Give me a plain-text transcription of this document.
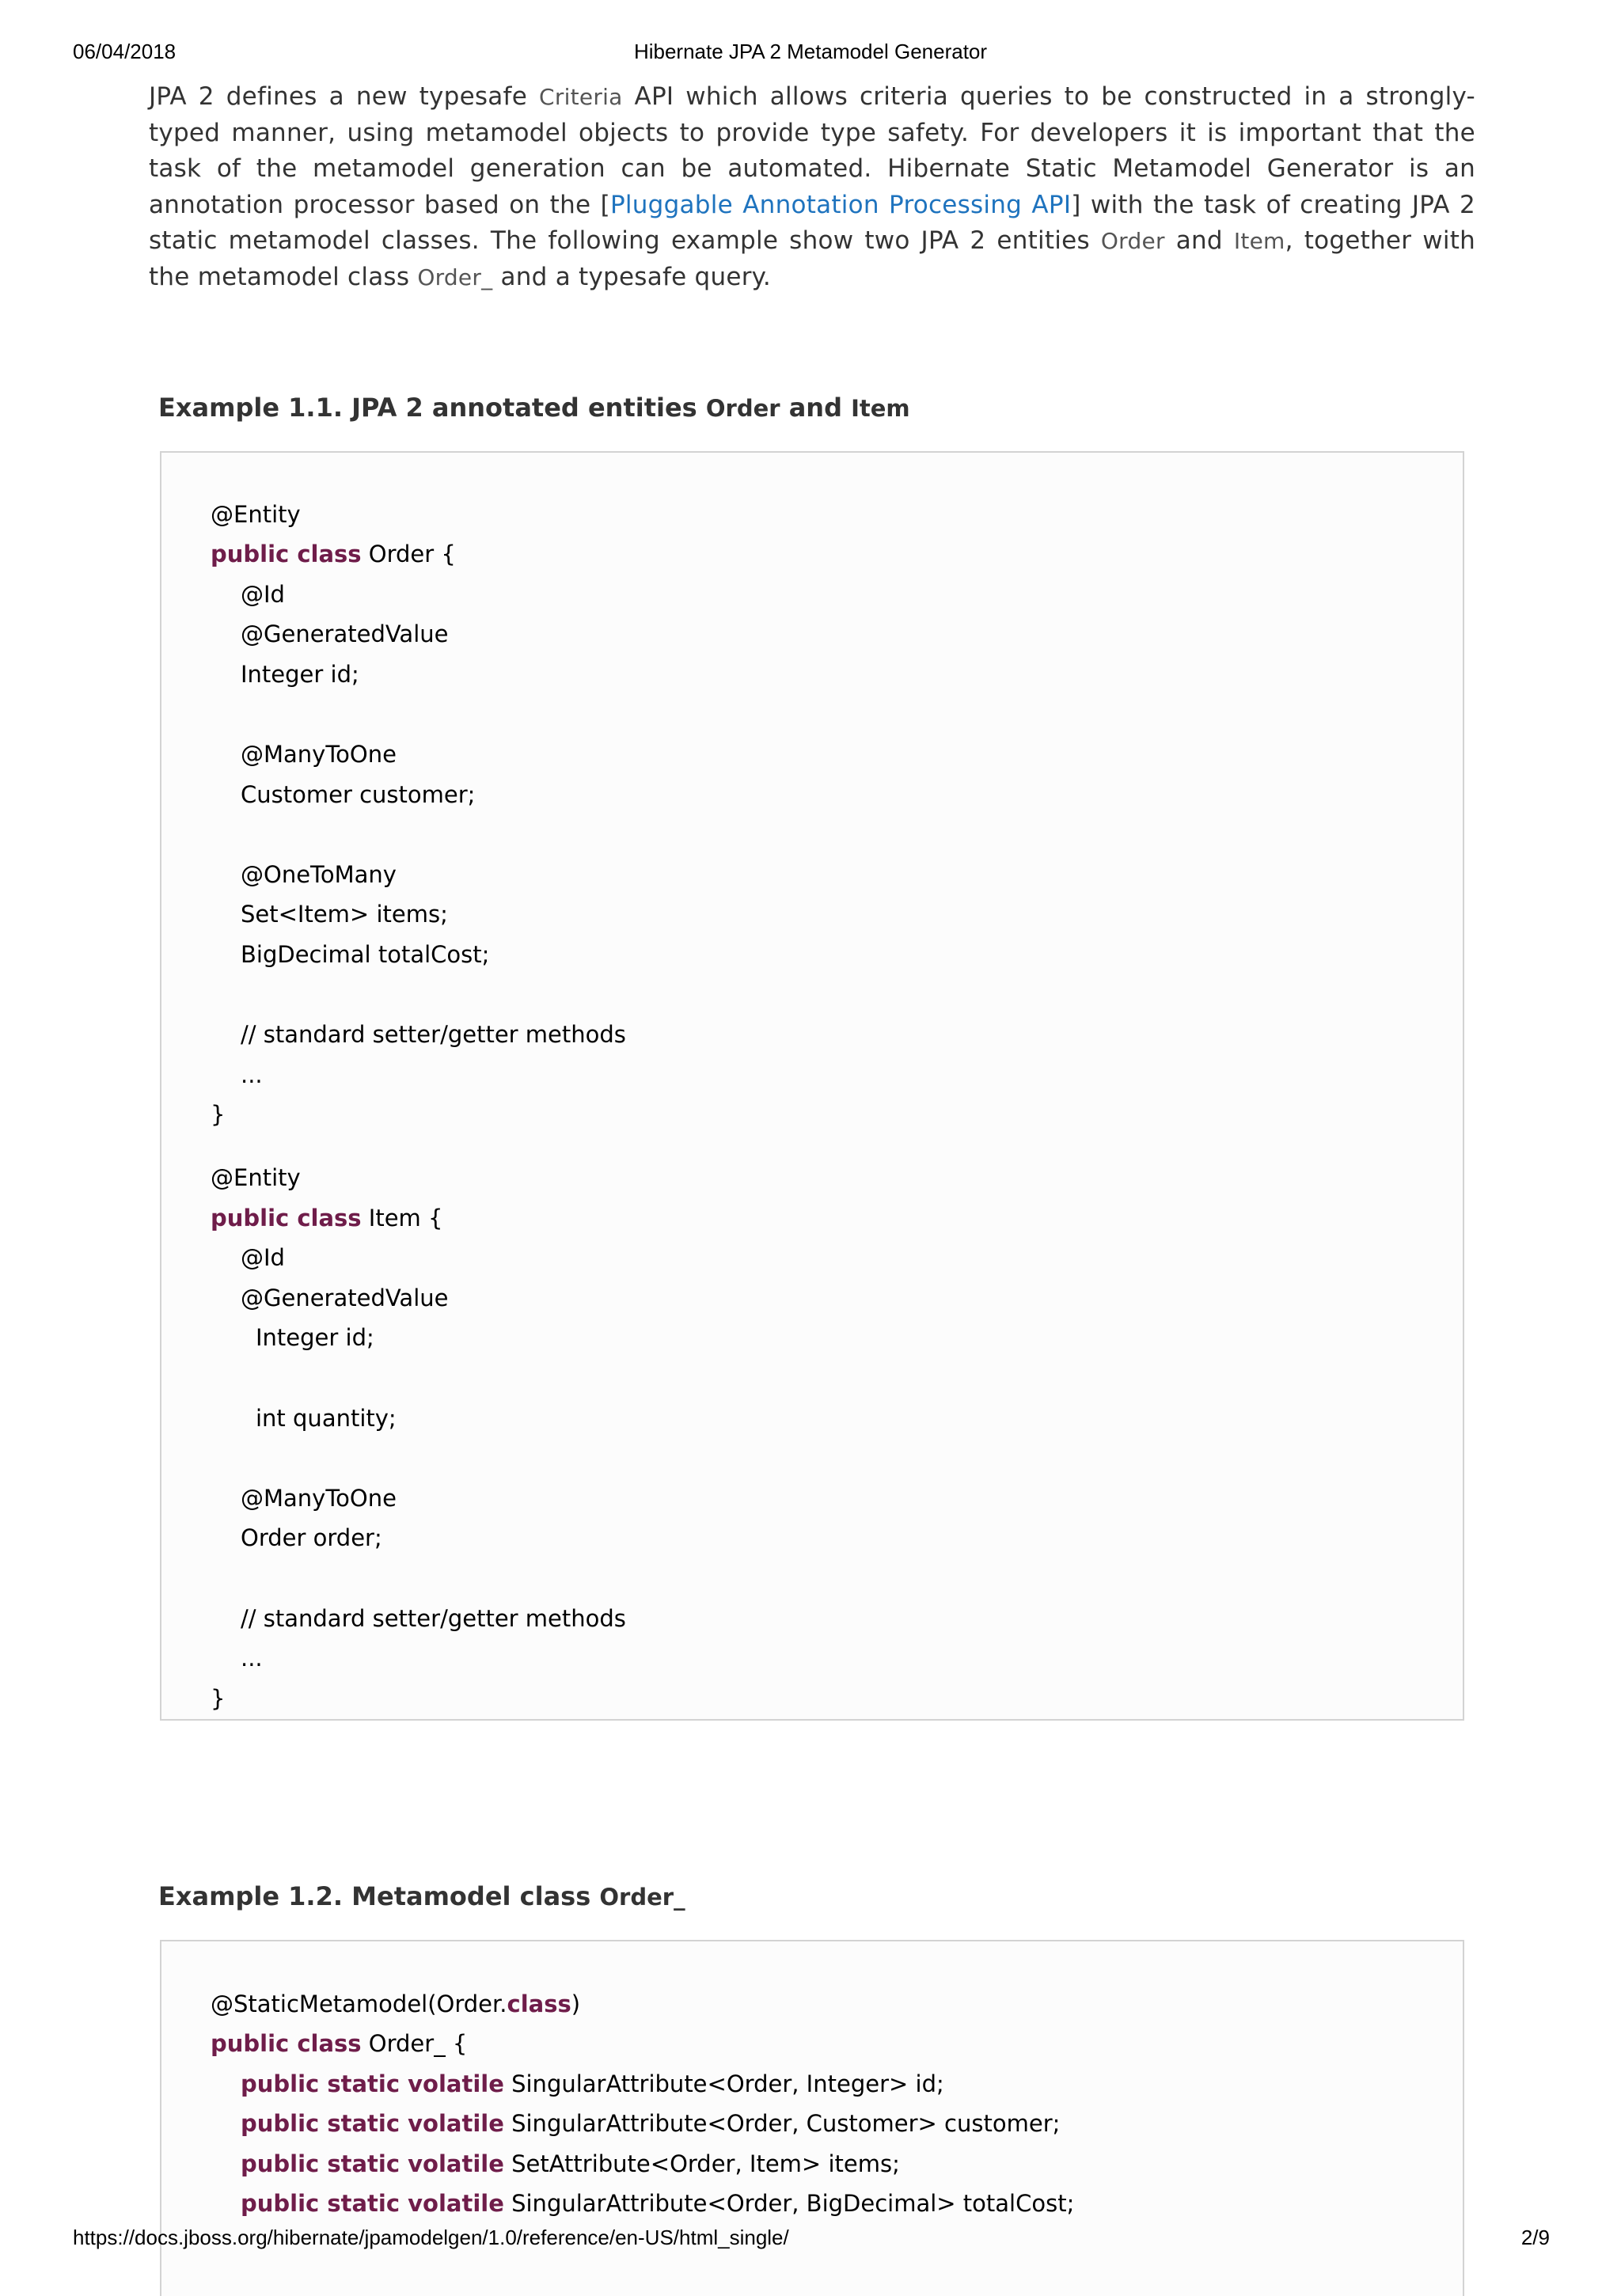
06/04/2018	Hibernate JPA 2 Metamodel Generator
JPA 2 defines a new typesafe Criteria API which allows criteria queries to be constructed in a strongly-typed manner, using metamodel objects to provide type safety. For developers it is important that the task of the metamodel generation can be automated. Hibernate Static Metamodel Generator is an annotation processor based on the [Pluggable Annotation Processing API] with the task of creating JPA 2 static metamodel classes. The following example show two JPA 2 entities Order and Item, together with the metamodel class Order_ and a typesafe query.
Example 1.1. JPA 2 annotated entities Order and Item
@Entity
public class Order {
@Id
@GeneratedValue
Integer id;
@ManyToOne
Customer customer;
@OneToMany
Set<Item> items;
BigDecimal totalCost;
// standard setter/getter methods
...
}
@Entity
public class Item {
@Id
@GeneratedValue
Integer id;
int quantity;
@ManyToOne
Order order;
// standard setter/getter methods
...
}
Example 1.2. Metamodel class Order_
@StaticMetamodel(Order.class)
public class Order_ {
public static volatile SingularAttribute<Order, Integer> id;
public static volatile SingularAttribute<Order, Customer> customer;
public static volatile SetAttribute<Order, Item> items;
public static volatile SingularAttribute<Order, BigDecimal> totalCost;
https://docs.jboss.org/hibernate/jpamodelgen/1.0/reference/en-US/html_single/	2/9
